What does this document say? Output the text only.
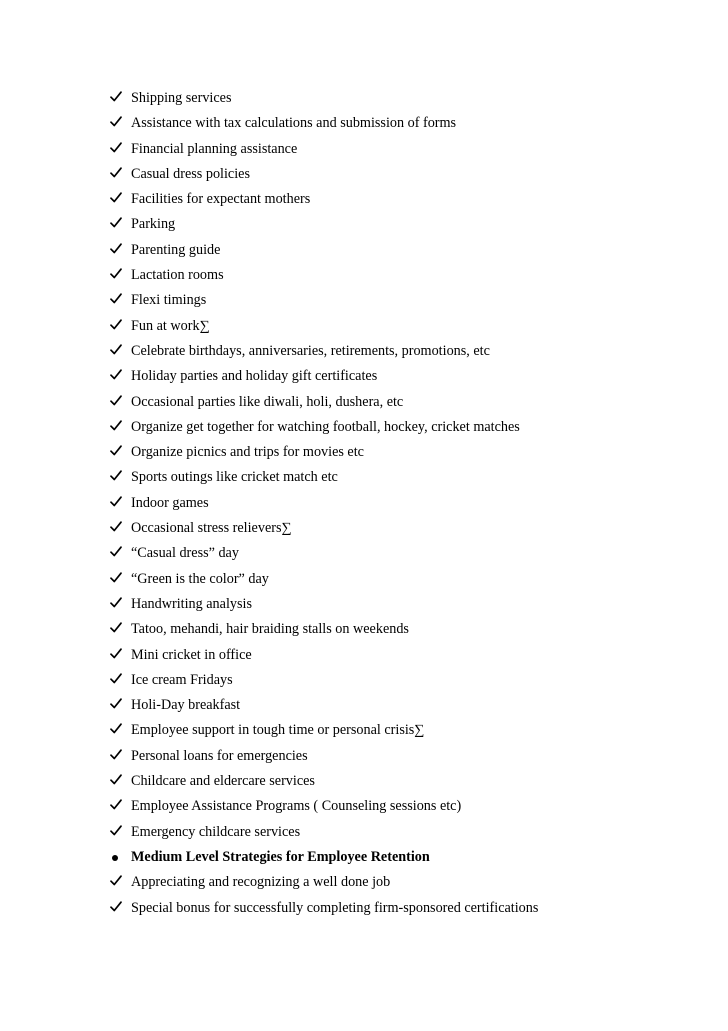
Shipping services
Assistance with tax calculations and submission of forms
Financial planning assistance
Casual dress policies
Facilities for expectant mothers
Parking
Parenting guide
Lactation rooms
Flexi timings
Fun at work∑
Celebrate birthdays, anniversaries, retirements, promotions, etc
Holiday parties and holiday gift certificates
Occasional parties like diwali, holi, dushera, etc
Organize get together for watching football, hockey, cricket matches
Organize picnics and trips for movies etc
Sports outings like cricket match etc
Indoor games
Occasional stress relievers∑
“Casual dress” day
“Green is the color” day
Handwriting analysis
Tatoo, mehandi, hair braiding stalls on weekends
Mini cricket in office
Ice cream Fridays
Holi-Day breakfast
Employee support in tough time or personal crisis∑
Personal loans for emergencies
Childcare and eldercare services
Employee Assistance Programs ( Counseling sessions etc)
Emergency childcare services
Medium Level Strategies for Employee Retention
Appreciating and recognizing a well done job
Special bonus for successfully completing firm-sponsored certifications
